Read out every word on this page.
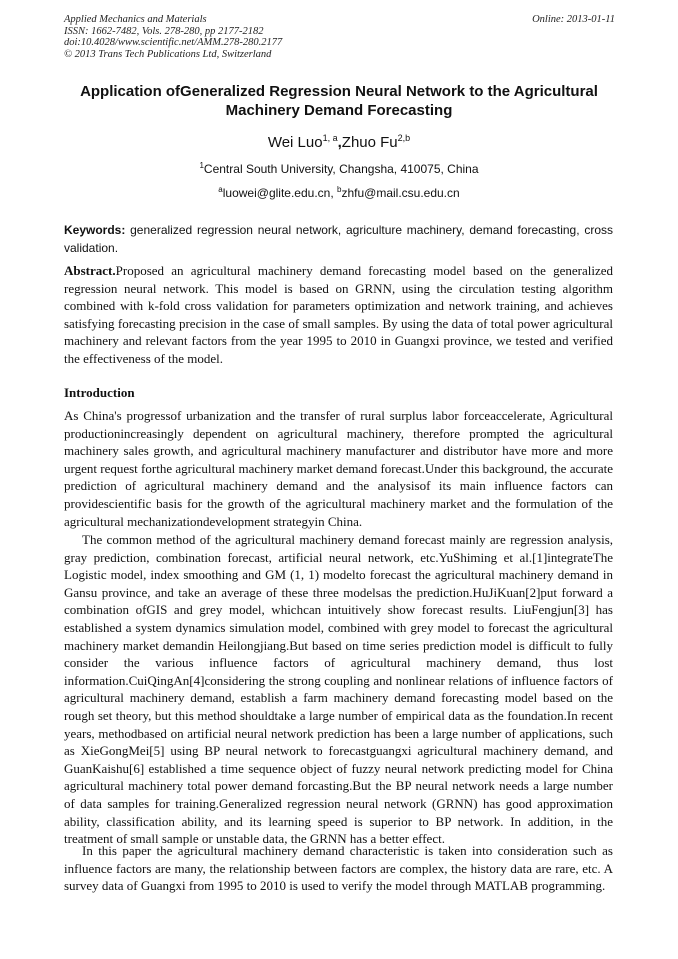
Applied Mechanics and Materials
ISSN: 1662-7482, Vols. 278-280, pp 2177-2182
doi:10.4028/www.scientific.net/AMM.278-280.2177
© 2013 Trans Tech Publications Ltd, Switzerland
Online: 2013-01-11
Application ofGeneralized Regression Neural Network to the Agricultural Machinery Demand Forecasting
Wei Luo$^{1, a}$,Zhuo Fu$^{2,b}$
$^1$Central South University, Changsha, 410075, China
$^a$luowei@glite.edu.cn, $^b$zhfu@mail.csu.edu.cn
Keywords: generalized regression neural network, agriculture machinery, demand forecasting, cross validation.

Abstract.Proposed an agricultural machinery demand forecasting model based on the generalized regression neural network. This model is based on GRNN, using the circulation testing algorithm combined with k-fold cross validation for parameters optimization and network training, and achieves satisfying forecasting precision in the case of small samples. By using the data of total power agricultural machinery and relevant factors from the year 1995 to 2010 in Guangxi province, we tested and verified the effectiveness of the model.

Introduction

As China's progressof urbanization and the transfer of rural surplus labor forceaccelerate, Agricultural productionincreasingly dependent on agricultural machinery, therefore prompted the agricultural machinery sales growth, and agricultural machinery manufacturer and distributor have more and more urgent request forthe agricultural machinery market demand forecast.Under this background, the accurate prediction of agricultural machinery demand and the analysisof its main influence factors can providescientific basis for the growth of the agricultural machinery market and the formulation of the agricultural mechanizationdevelopment strategyin China.

The common method of the agricultural machinery demand forecast mainly are regression analysis, gray prediction, combination forecast, artificial neural network, etc.YuShiming et al.[1]integrateThe Logistic model, index smoothing and GM (1, 1) modelto forecast the agricultural machinery demand in Gansu province, and take an average of these three modelsas the prediction.HuJiKuan[2]put forward a combination ofGIS and grey model, whichcan intuitively show forecast results. LiuFengjun[3] has established a system dynamics simulation model, combined with grey model to forecast the agricultural machinery market demandin Heilongjiang.But based on time series prediction model is difficult to fully consider the various influence factors of agricultural machinery demand, thus lost information.CuiQingAn[4]considering the strong coupling and nonlinear relations of influence factors of agricultural machinery demand, establish a farm machinery demand forecasting model based on the rough set theory, but this method shouldtake a large number of empirical data as the foundation.In recent years, methodbased on artificial neural network prediction has been a large number of applications, such as XieGongMei[5] using BP neural network to forecastguangxi agricultural machinery demand, and GuanKaishu[6] established a time sequence object of fuzzy neural network predicting model for China agricultural machinery total power demand forcasting.But the BP neural network needs a large number of data samples for training.Generalized regression neural network (GRNN) has good approximation ability, classification ability, and its learning speed is superior to BP network. In addition, in the treatment of small sample or unstable data, the GRNN has a better effect.

In this paper the agricultural machinery demand characteristic is taken into consideration such as influence factors are many, the relationship between factors are complex, the history data are rare, etc. A survey data of Guangxi from 1995 to 2010 is used to verify the model through MATLAB programming.
